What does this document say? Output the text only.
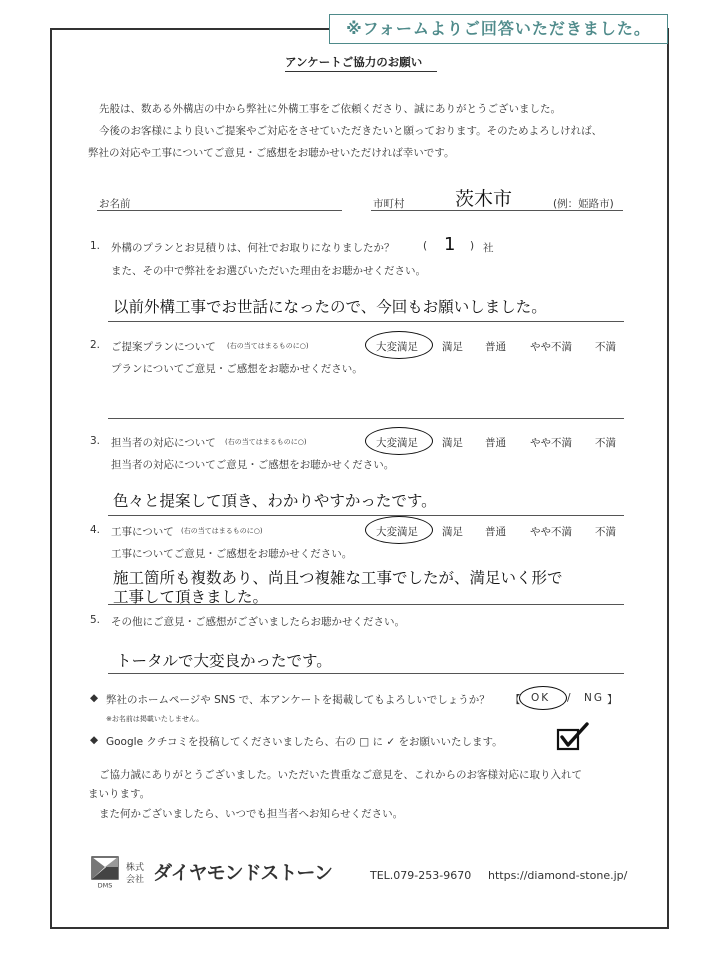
※フォームよりご回答いただきました。
アンケートご協力のお願い
先般は、数ある外構店の中から弊社に外構工事をご依頼くださり、誠にありがとうございました。
今後のお客様により良いご提案やご対応をさせていただきたいと願っております。そのためよろしければ、
弊社の対応や工事についてご意見・ご感想をお聴かせいただければ幸いです。
お名前	市町村	茨木市	(例：姫路市)
1. 外構のプランとお見積りは、何社でお取りになりましたか？	( 1 ) 社
また、その中で弊社をお選びいただいた理由をお聴かせください。
以前外構工事でお世話になったので、今回もお願いしました。
2. ご提案プランについて (右の当てはまるものに○)	大変満足 満足 普通 やや不満 不満
プランについてご意見・ご感想をお聴かせください。
3. 担当者の対応について (右の当てはまるものに○)	大変満足 満足 普通 やや不満 不満
担当者の対応についてご意見・ご感想をお聴かせください。
色々と提案して頂き、わかりやすかったです。
4. 工事について (右の当てはまるものに○)	大変満足 満足 普通 やや不満 不満
工事についてご意見・ご感想をお聴かせください。
施工箇所も複数あり、尚且つ複雑な工事でしたが、満足いく形で
工事して頂きました。
5. その他にご意見・ご感想がございましたらお聴かせください。
トータルで大変良かったです。
◆ 弊社のホームページや SNS で、本アンケートを掲載してもよろしいでしょうか？ 【 OK / NG 】
※お名前は掲載いたしません。
◆ Google クチコミを投稿してくださいましたら、右の □ に ✓ をお願いいたします。
ご協力誠にありがとうございました。いただいた貴重なご意見を、これからのお客様対応に取り入れて
まいります。
また何かございましたら、いつでも担当者へお知らせください。
DMS
株式
会社 ダイヤモンドストーン	TEL.079-253-9670 https://diamond-stone.jp/
